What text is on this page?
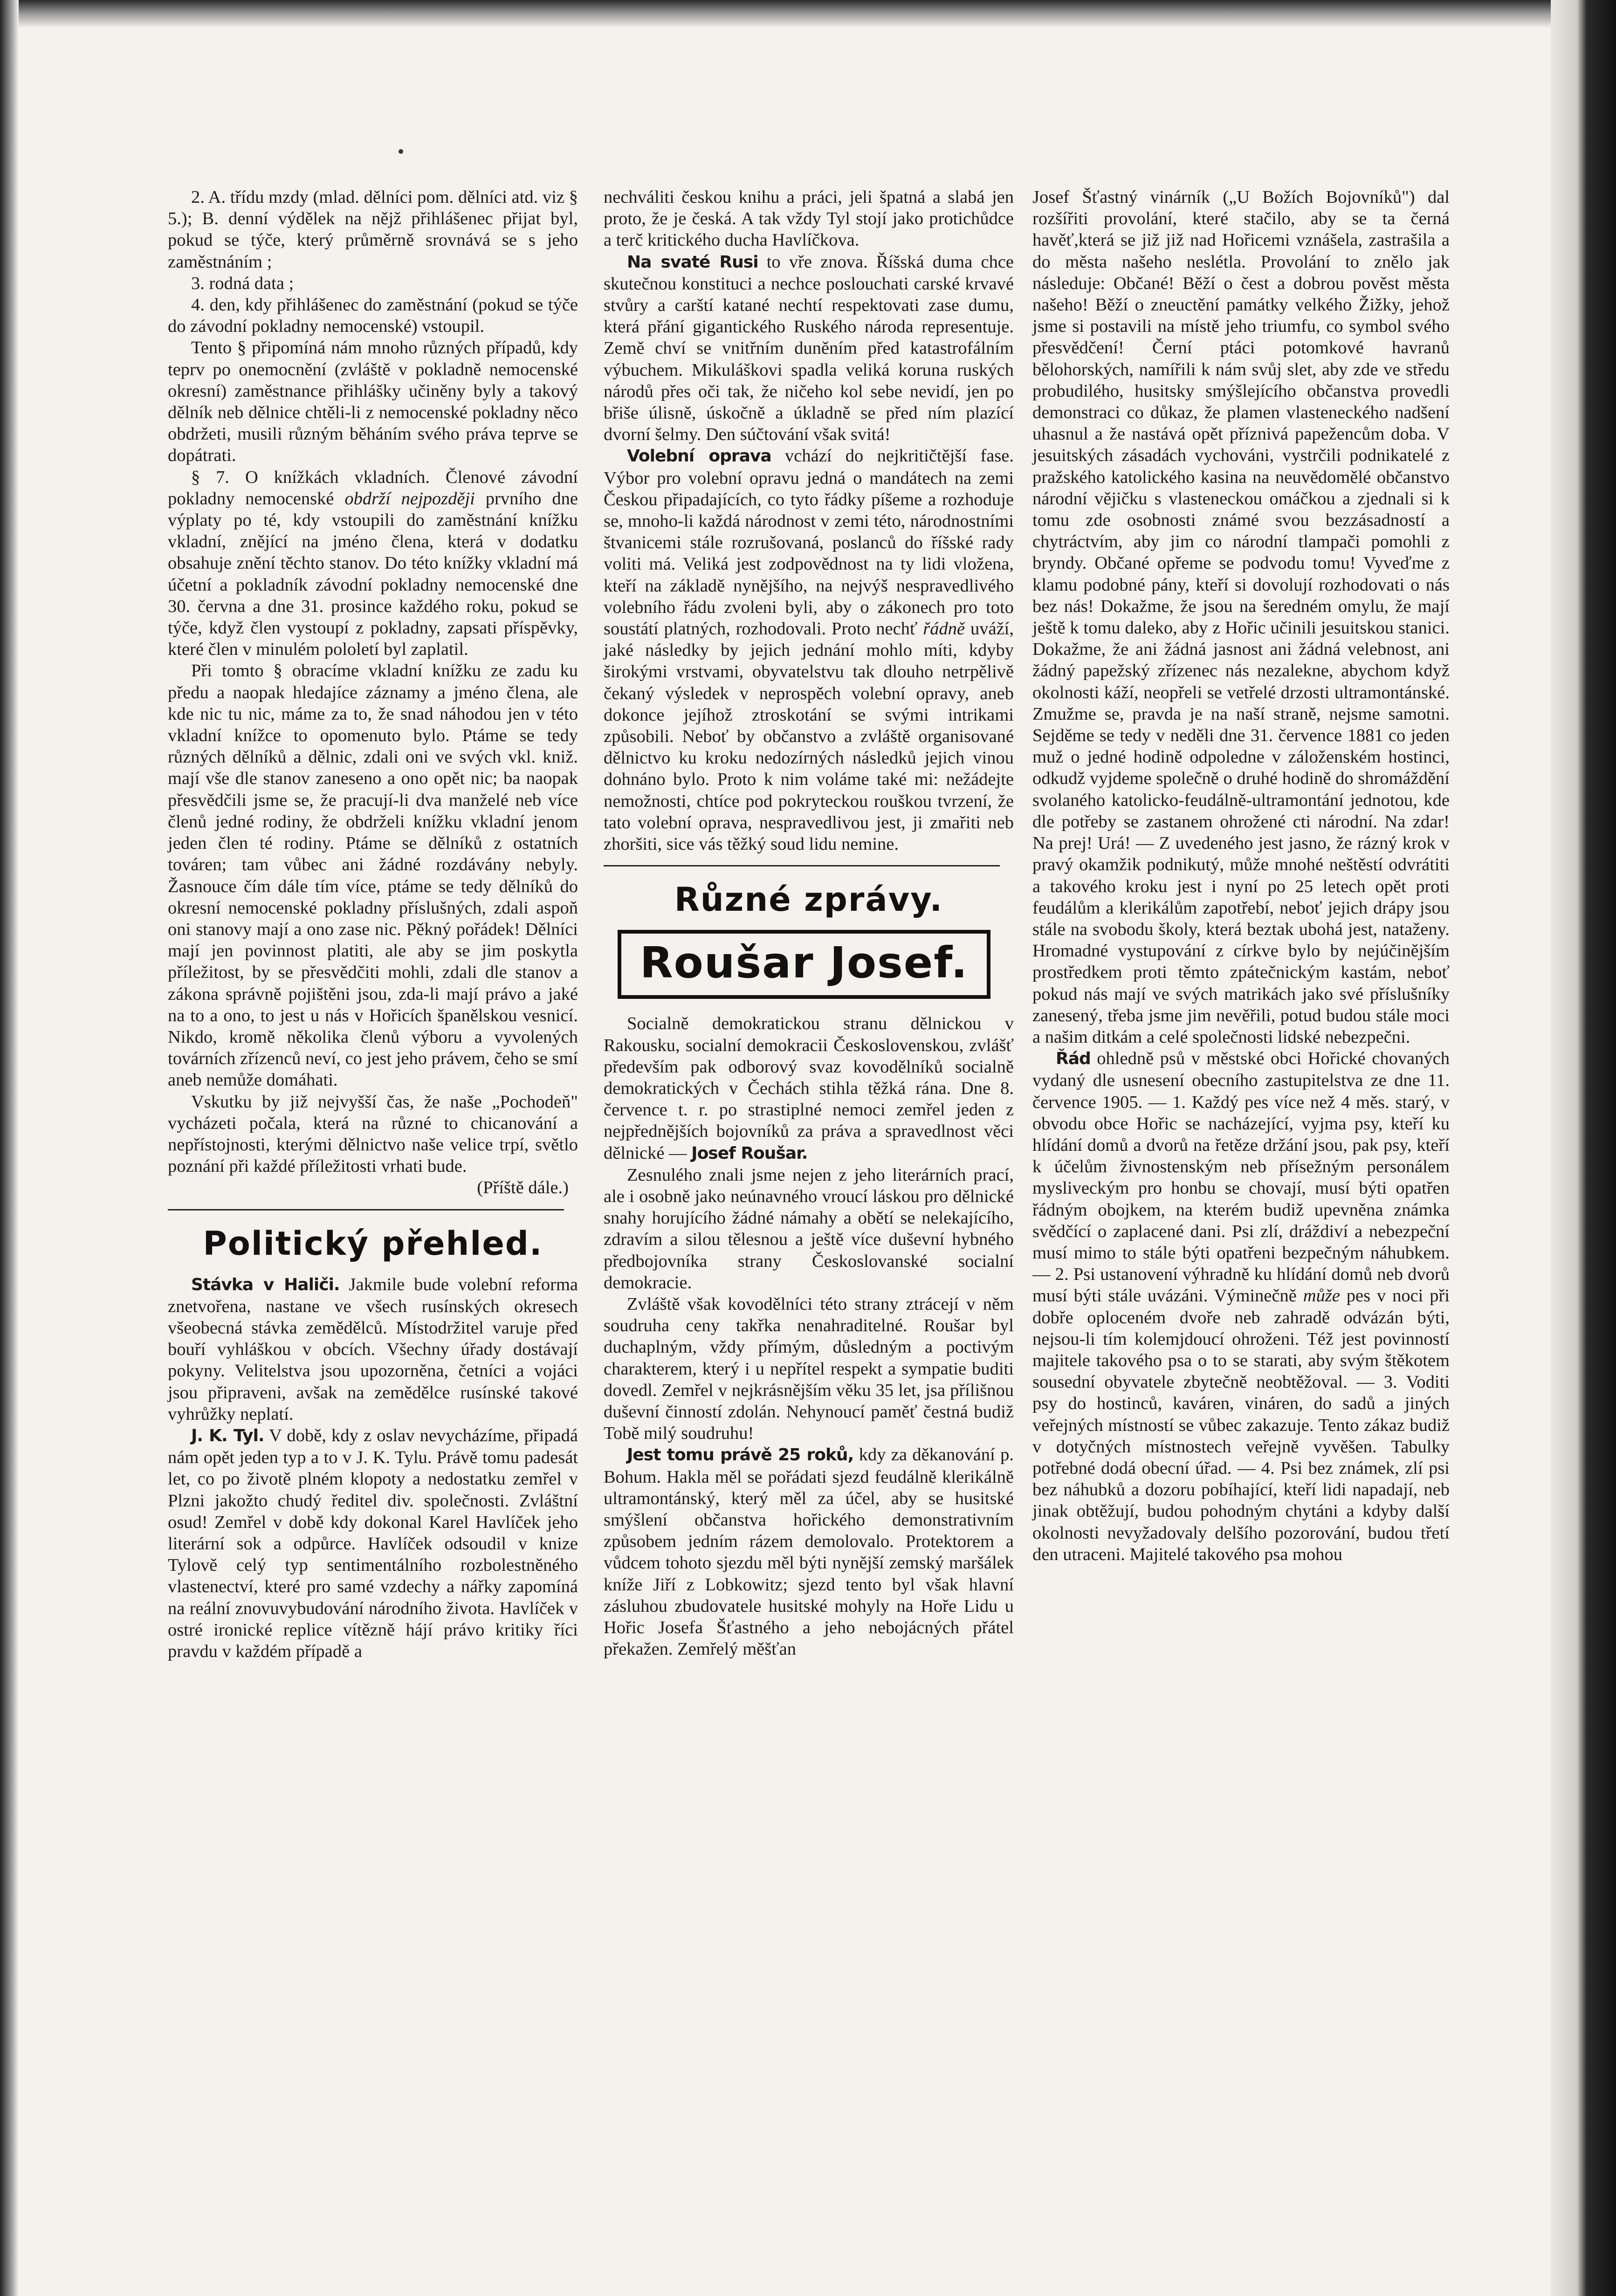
2. A. třídu mzdy (mlad. dělníci pom. dělníci atd. viz § 5.); B. denní výdělek na nějž přihlášenec přijat byl, pokud se týče, který průměrně srovnává se s jeho zaměstnáním ;

3. rodná data ;

4. den, kdy přihlášenec do zaměstnání (pokud se týče do závodní pokladny nemocenské) vstoupil.

Tento § připomíná nám mnoho různých případů, kdy teprv po onemocnění (zvláště v pokladně nemocenské okresní) zaměstnance přihlášky učiněny byly a takový dělník neb dělnice chtěli-li z nemocenské pokladny něco obdržeti, musili různým běháním svého práva teprve se dopátrati.

§ 7. O knížkách vkladních. Členové závodní pokladny nemocenské obdrží nejpozději prvního dne výplaty po té, kdy vstoupili do zaměstnání knížku vkladní, znějící na jméno člena, která v dodatku obsahuje znění těchto stanov. Do této knížky vkladní má účetní a pokladník závodní pokladny nemocenské dne 30. června a dne 31. prosince každého roku, pokud se týče, když člen vystoupí z pokladny, zapsati příspěvky, které člen v minulém pololetí byl zaplatil.

Při tomto § obracíme vkladní knížku ze zadu ku předu a naopak hledajíce záznamy a jméno člena, ale kde nic tu nic, máme za to, že snad náhodou jen v této vkladní knížce to opomenuto bylo. Ptáme se tedy různých dělníků a dělnic, zdali oni ve svých vkl. kniž. mají vše dle stanov zaneseno a ono opět nic; ba naopak přesvědčili jsme se, že pracují-li dva manželé neb více členů jedné rodiny, že obdrželi knížku vkladní jenom jeden člen té rodiny. Ptáme se dělníků z ostatních továren; tam vůbec ani žádné rozdávány nebyly. Žasnouce čím dále tím více, ptáme se tedy dělníků do okresní nemocenské pokladny příslušných, zdali aspoň oni stanovy mají a ono zase nic. Pěkný pořádek! Dělníci mají jen povinnost platiti, ale aby se jim poskytla příležitost, by se přesvědčiti mohli, zdali dle stanov a zákona správně pojištěni jsou, zda-li mají právo a jaké na to a ono, to jest u nás v Hořicích španělskou vesnicí. Nikdo, kromě několika členů výboru a vyvolených továrních zřízenců neví, co jest jeho právem, čeho se smí aneb nemůže domáhati.

Vskutku by již nejvyšší čas, že naše „Pochodeň" vycházeti počala, která na různé to chicanování a nepřístojnosti, kterými dělnictvo naše velice trpí, světlo poznání při každé příležitosti vrhati bude.

(Příště dále.)

Politický přehled.

Stávka v Haliči. Jakmile bude volební reforma znetvořena, nastane ve všech rusínských okresech všeobecná stávka zemědělců. Místodržitel varuje před bouří vyhláškou v obcích. Všechny úřady dostávají pokyny. Velitelstva jsou upozorněna, četníci a vojáci jsou připraveni, avšak na zemědělce rusínské takové vyhrůžky neplatí.

J. K. Tyl. V době, kdy z oslav nevycházíme, připadá nám opět jeden typ a to v J. K. Tylu. Právě tomu padesát let, co po životě plném klopoty a nedostatku zemřel v Plzni jakožto chudý ředitel div. společnosti. Zvláštní osud! Zemřel v době kdy dokonal Karel Havlíček jeho literární sok a odpůrce. Havlíček odsoudil v knize Tylově celý typ sentimentálního rozbolestněného vlastenectví, které pro samé vzdechy a nářky zapomíná na reální znovuvybudování národního života. Havlíček v ostré ironické replice vítězně hájí právo kritiky říci pravdu v každém případě a

nechváliti českou knihu a práci, jeli špatná a slabá jen proto, že je česká. A tak vždy Tyl stojí jako protichůdce a terč kritického ducha Havlíčkova.

Na svaté Rusi to vře znova. Říšská duma chce skutečnou konstituci a nechce poslouchati carské krvavé stvůry a carští katané nechtí respektovati zase dumu, která přání gigantického Ruského národa representuje. Země chví se vnitřním duněním před katastrofálním výbuchem. Mikuláškovi spadla veliká koruna ruských národů přes oči tak, že ničeho kol sebe nevidí, jen po břiše úlisně, úskočně a úkladně se před ním plazící dvorní šelmy. Den súčtování však svitá!

Volební oprava vchází do nejkritičtější fase. Výbor pro volební opravu jedná o mandátech na zemi Českou připadajících, co tyto řádky píšeme a rozhoduje se, mnoho-li každá národnost v zemi této, národnostními štvanicemi stále rozrušovaná, poslanců do říšské rady voliti má. Veliká jest zodpovědnost na ty lidi vložena, kteří na základě nynějšího, na nejvýš nespravedlivého volebního řádu zvoleni byli, aby o zákonech pro toto soustátí platných, rozhodovali. Proto nechť řádně uváží, jaké následky by jejich jednání mohlo míti, kdyby širokými vrstvami, obyvatelstvu tak dlouho netrpělivě čekaný výsledek v neprospěch volební opravy, aneb dokonce jejíhož ztroskotání se svými intrikami způsobili. Neboť by občanstvo a zvláště organisované dělnictvo ku kroku nedozírných následků jejich vinou dohnáno bylo. Proto k nim voláme také mi: nežádejte nemožnosti, chtíce pod pokryteckou rouškou tvrzení, že tato volební oprava, nespravedlivou jest, ji zmařiti neb zhoršiti, sice vás těžký soud lidu nemine.

Různé zprávy.
Roušar Josef.

Socialně demokratickou stranu dělnickou v Rakousku, socialní demokracii Československou, zvlášť především pak odborový svaz kovodělníků socialně demokratických v Čechách stihla těžká rána. Dne 8. července t. r. po strastiplné nemoci zemřel jeden z nejpřednějších bojovníků za práva a spravedlnost věci dělnické — Josef Roušar.

Zesnulého znali jsme nejen z jeho literárních prací, ale i osobně jako neúnavného vroucí láskou pro dělnické snahy horujícího žádné námahy a obětí se nelekajícího, zdravím a silou tělesnou a ještě více duševní hybného předbojovníka strany Českoslovanské socialní demokracie.

Zvláště však kovodělníci této strany ztrácejí v něm soudruha ceny takřka nenahraditelné. Roušar byl duchaplným, vždy přímým, důsledným a poctivým charakterem, který i u nepřítel respekt a sympatie buditi dovedl. Zemřel v nejkrásnějším věku 35 let, jsa přílišnou duševní činností zdolán. Nehynoucí paměť čestná budiž Tobě milý soudruhu!

Jest tomu právě 25 roků, kdy za děkanování p. Bohum. Hakla měl se pořádati sjezd feudálně klerikálně ultramontánský, který měl za účel, aby se husitské smýšlení občanstva hořického demonstrativním způsobem jedním rázem demolovalo. Protektorem a vůdcem tohoto sjezdu měl býti nynější zemský maršálek kníže Jiří z Lobkowitz; sjezd tento byl však hlavní zásluhou zbudovatele husitské mohyly na Hoře Lidu u Hořic Josefa Šťastného a jeho nebojácných přátel překažen. Zemřelý měšťan

Josef Šťastný vinárník („U Božích Bojovníků") dal rozšířiti provolání, které stačilo, aby se ta černá havěť,která se již již nad Hořicemi vznášela, zastrašila a do města našeho neslétla. Provolání to znělo jak následuje: Občané! Běží o čest a dobrou pověst města našeho! Běží o zneuctění památky velkého Žižky, jehož jsme si postavili na místě jeho triumfu, co symbol svého přesvědčení! Černí ptáci potomkové havranů bělohorských, namířili k nám svůj slet, aby zde ve středu probudilého, husitsky smýšlejícího občanstva provedli demonstraci co důkaz, že plamen vlasteneckého nadšení uhasnul a že nastává opět příznivá papežencům doba. V jesuitských zásadách vychováni, vystrčili podnikatelé z pražského katolického kasina na neuvědomělé občanstvo národní vějičku s vlasteneckou omáčkou a zjednali si k tomu zde osobnosti známé svou bezzásadností a chytráctvím, aby jim co národní tlampači pomohli z bryndy. Občané opřeme se podvodu tomu! Vyveďme z klamu podobné pány, kteří si dovolují rozhodovati o nás bez nás! Dokažme, že jsou na šeredném omylu, že mají ještě k tomu daleko, aby z Hořic učinili jesuitskou stanici. Dokažme, že ani žádná jasnost ani žádná velebnost, ani žádný papežský zřízenec nás nezalekne, abychom když okolnosti káží, neopřeli se vetřelé drzosti ultramontánské. Zmužme se, pravda je na naší straně, nejsme samotni. Sejděme se tedy v neděli dne 31. července 1881 co jeden muž o jedné hodině odpoledne v záloženském hostinci, odkudž vyjdeme společně o druhé hodině do shromáždění svolaného katolicko-feudálně-ultramontání jednotou, kde dle potřeby se zastanem ohrožené cti národní. Na zdar! Na prej! Urá! — Z uvedeného jest jasno, že rázný krok v pravý okamžik podnikutý, může mnohé neštěstí odvrátiti a takového kroku jest i nyní po 25 letech opět proti feudálům a klerikálům zapotřebí, neboť jejich drápy jsou stále na svobodu školy, která beztak ubohá jest, nataženy. Hromadné vystupování z církve bylo by nejúčinějším prostředkem proti těmto zpátečnickým kastám, neboť pokud nás mají ve svých matrikách jako své příslušníky zanesený, třeba jsme jim nevěřili, potud budou stále moci a našim ditkám a celé společnosti lidské nebezpečni.

Řád ohledně psů v městské obci Hořické chovaných vydaný dle usnesení obecního zastupitelstva ze dne 11. července 1905. — 1. Každý pes více než 4 měs. starý, v obvodu obce Hořic se nacházející, vyjma psy, kteří ku hlídání domů a dvorů na řetěze držání jsou, pak psy, kteří k účelům živnostenským neb přísežným personálem mysliveckým pro honbu se chovají, musí býti opatřen řádným obojkem, na kterém budiž upevněna známka svědčící o zaplacené dani. Psi zlí, dráždiví a nebezpeční musí mimo to stále býti opatřeni bezpečným náhubkem. — 2. Psi ustanovení výhradně ku hlídání domů neb dvorů musí býti stále uvázáni. Výminečně může pes v noci při dobře oploceném dvoře neb zahradě odvázán býti, nejsou-li tím kolemjdoucí ohroženi. Též jest povinností majitele takového psa o to se starati, aby svým štěkotem sousední obyvatele zbytečně neobtěžoval. — 3. Voditi psy do hostinců, kaváren, vináren, do sadů a jiných veřejných místností se vůbec zakazuje. Tento zákaz budiž v dotyčných místnostech veřejně vyvěšen. Tabulky potřebné dodá obecní úřad. — 4. Psi bez známek, zlí psi bez náhubků a dozoru pobíhající, kteří lidi napadají, neb jinak obtěžují, budou pohodným chytáni a kdyby další okolnosti nevyžadovaly delšího pozorování, budou třetí den utraceni. Majitelé takového psa mohou
